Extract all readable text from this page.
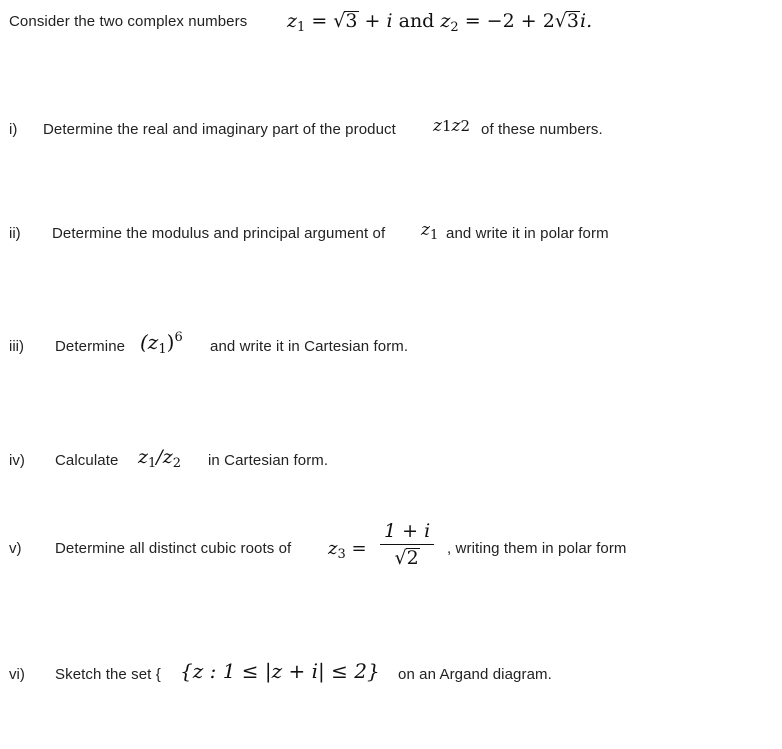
Consider the two complex numbers $z_1 = √3 + i$ and $z_2 = -2 + 2√3i$.
i) Determine the real and imaginary part of the product z1z2 of these numbers.
ii) Determine the modulus and principal argument of $z_1$ and write it in polar form
iii) Determine $(z_1)^6$
and write it in Cartesian form.
iv) Calculate $z_1/z_2$ in Cartesian form.
v) Determine all distinct cubic roots of $z_3$ =
1 + i
√2	, writing them in polar form
vi) Sketch the set { {z : 1 ≤ |z + i| ≤ 2} on an Argand diagram.
